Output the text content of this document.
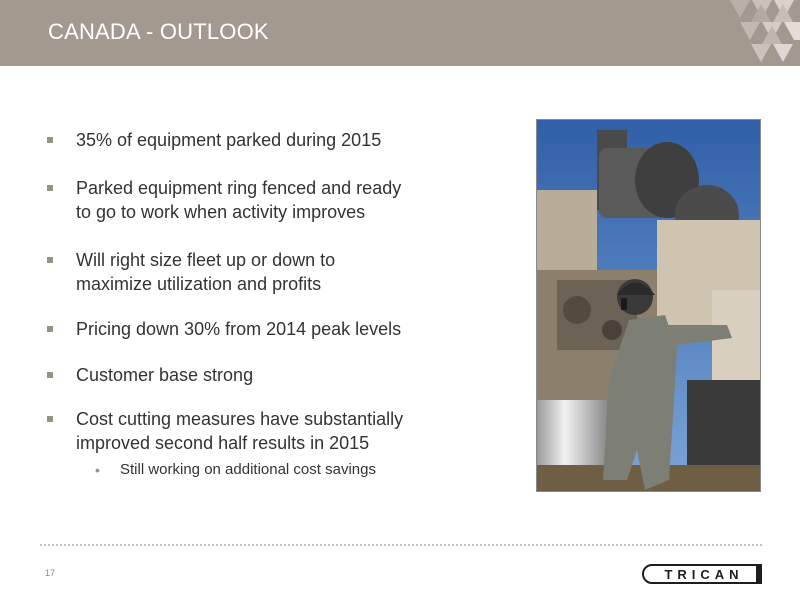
CANADA - OUTLOOK
35% of equipment parked during 2015
Parked equipment ring fenced and ready
to go to work when activity improves
Will right size fleet up or down to
maximize utilization and profits
Pricing down 30% from 2014 peak levels
Customer base strong
Cost cutting measures have substantially
improved second half results in 2015
• Still working on additional cost savings
17	TRICAN
